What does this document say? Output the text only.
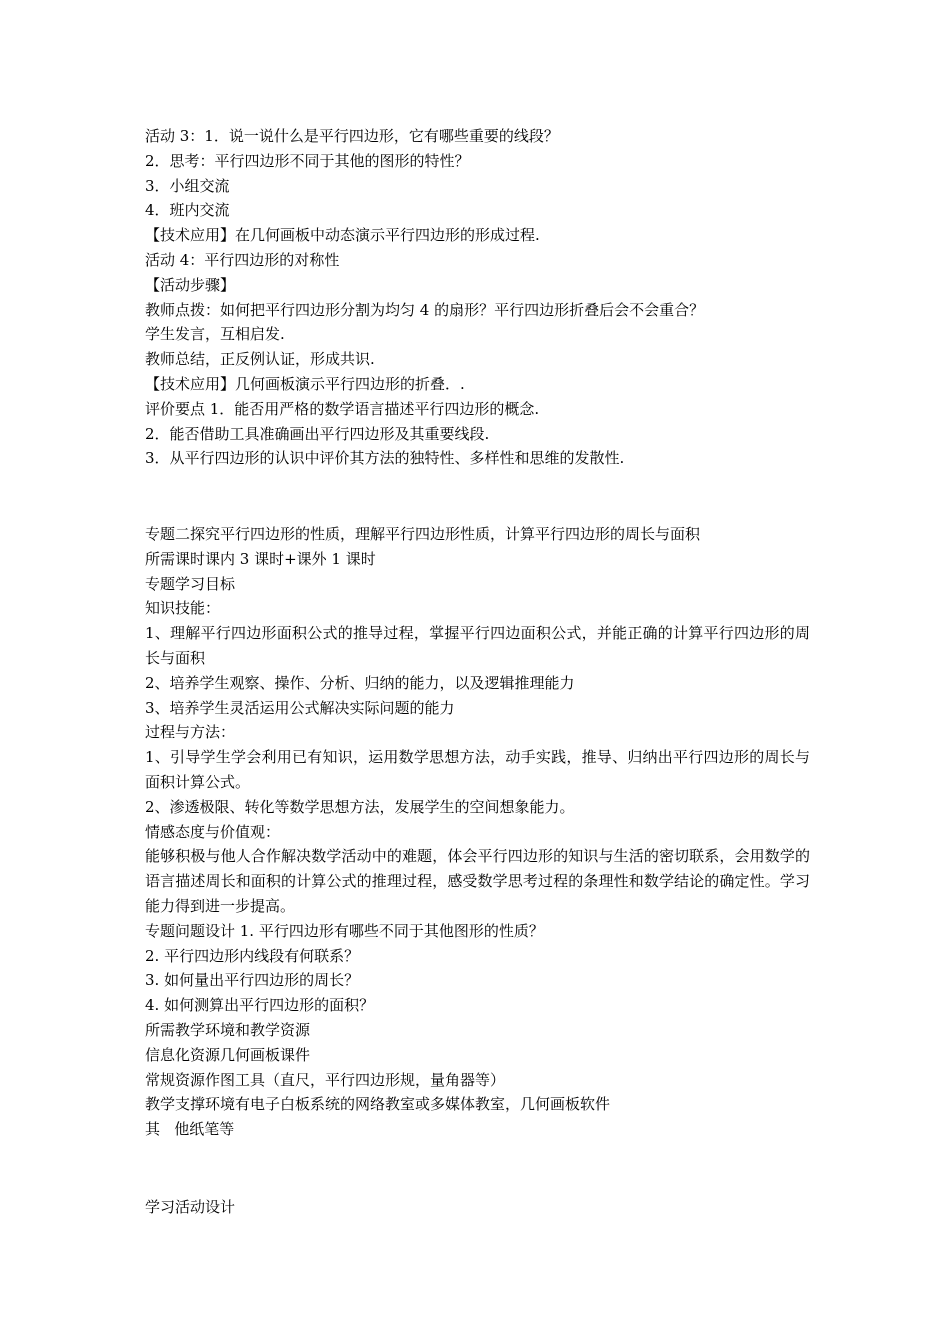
活动 3：1．说一说什么是平行四边形，它有哪些重要的线段？
2．思考：平行四边形不同于其他的图形的特性？
3．小组交流
4．班内交流
【技术应用】在几何画板中动态演示平行四边形的形成过程.
活动 4：平行四边形的对称性
【活动步骤】
教师点拨：如何把平行四边形分割为均匀 4 的扇形？平行四边形折叠后会不会重合？
学生发言，互相启发.
教师总结，正反例认证，形成共识.
【技术应用】几何画板演示平行四边形的折叠．.
评价要点 1．能否用严格的数学语言描述平行四边形的概念.
2．能否借助工具准确画出平行四边形及其重要线段.
3．从平行四边形的认识中评价其方法的独特性、多样性和思维的发散性.
专题二探究平行四边形的性质，理解平行四边形性质，计算平行四边形的周长与面积
所需课时课内 3 课时+课外 1 课时
专题学习目标
知识技能：
1、理解平行四边形面积公式的推导过程，掌握平行四边面积公式，并能正确的计算平行四边形的周长与面积
2、培养学生观察、操作、分析、归纳的能力，以及逻辑推理能力
3、培养学生灵活运用公式解决实际问题的能力
过程与方法：
1、引导学生学会利用已有知识，运用数学思想方法，动手实践，推导、归纳出平行四边形的周长与面积计算公式。
2、渗透极限、转化等数学思想方法，发展学生的空间想象能力。
情感态度与价值观：
能够积极与他人合作解决数学活动中的难题，体会平行四边形的知识与生活的密切联系，会用数学的语言描述周长和面积的计算公式的推理过程，感受数学思考过程的条理性和数学结论的确定性。学习能力得到进一步提高。
专题问题设计 1. 平行四边形有哪些不同于其他图形的性质？
2. 平行四边形内线段有何联系？
3. 如何量出平行四边形的周长？
4. 如何测算出平行四边形的面积？
所需教学环境和教学资源
信息化资源几何画板课件
常规资源作图工具（直尺，平行四边形规，量角器等）
教学支撑环境有电子白板系统的网络教室或多媒体教室，几何画板软件
其   他纸笔等
学习活动设计
